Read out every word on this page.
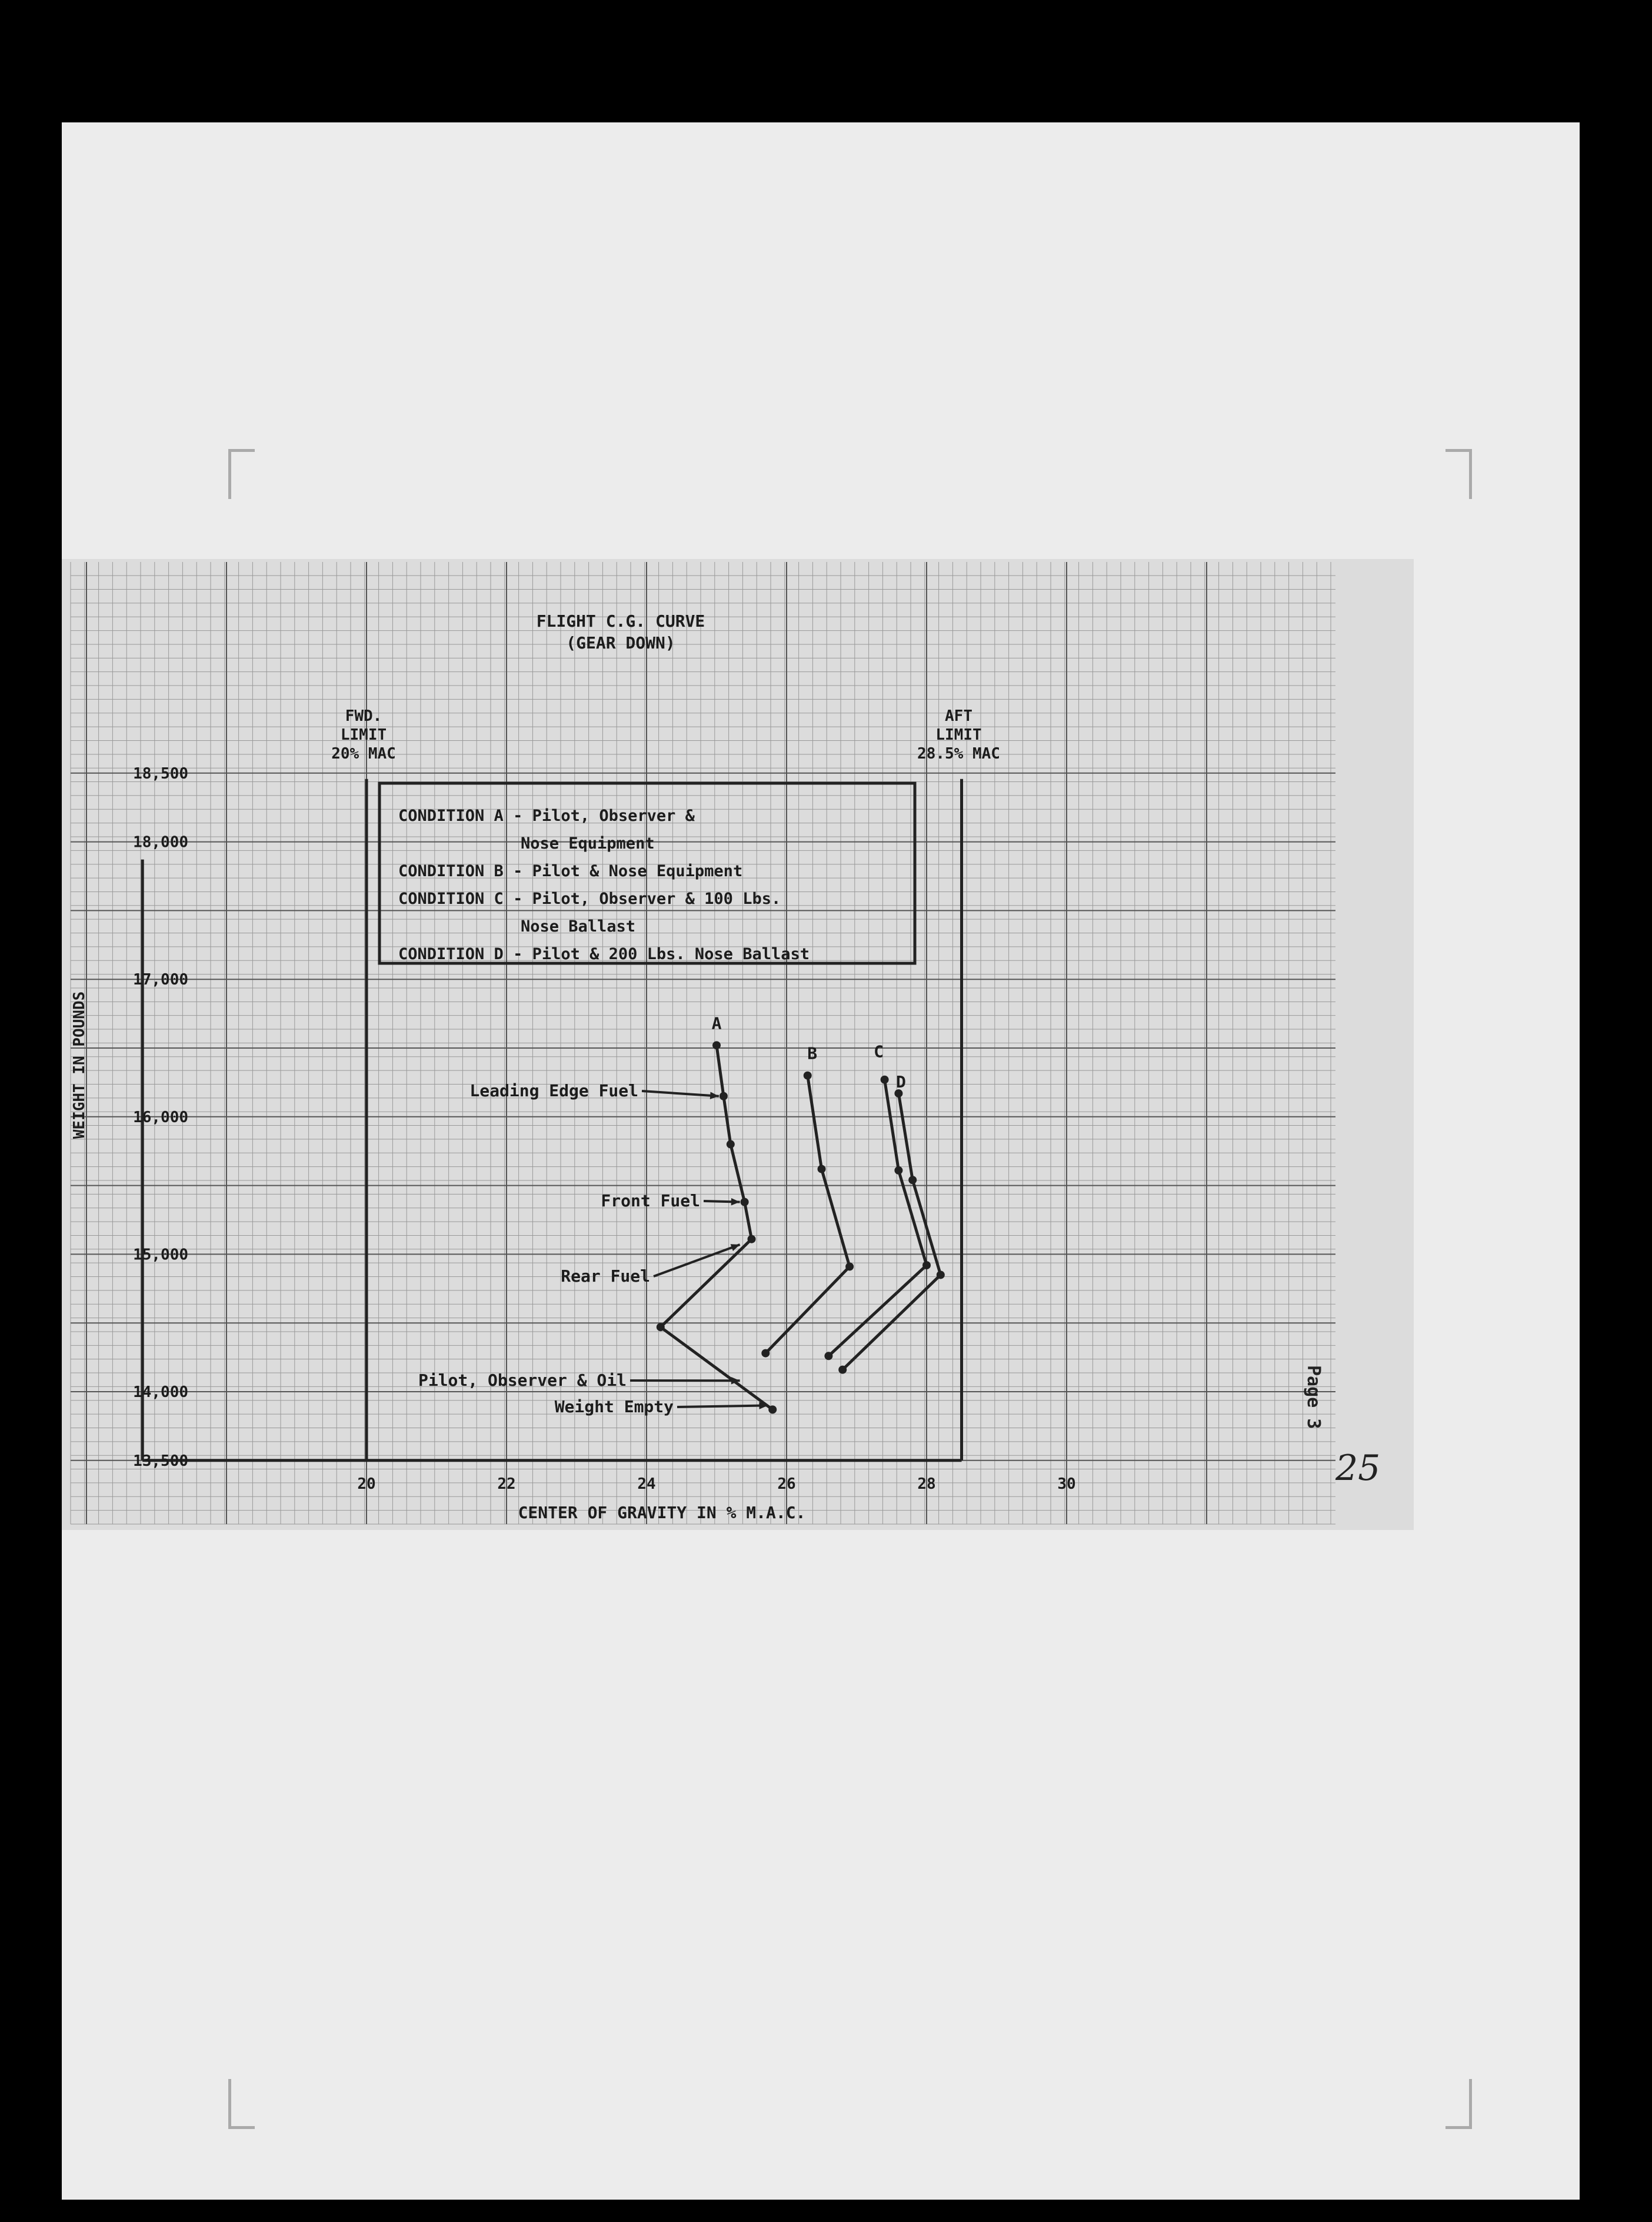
CONDITION A - Pilot, Observer &
Nose Equipment
CONDITION B - Pilot & Nose Equipment
CONDITION C - Pilot, Observer & 100 Lbs.
Nose Ballast
CONDITION D - Pilot & 200 Lbs. Nose Ballast
A
B	C
D
Leading Edge Fuel
Front Fuel
Rear Fuel
Pilot, Observer & Oil
Weight Empty
FLIGHT C.G. CURVE
(GEAR DOWN)
CENTER OF GRAVITY IN % M.A.C.
WEIGHT IN POUNDS
20	22	24	26	28	30
13,500
14,000
15,000
16,000
17,000
18,000
18,500
FWD.
LIMIT
20% MAC
AFT
LIMIT
28.5% MAC
Page 3
25
